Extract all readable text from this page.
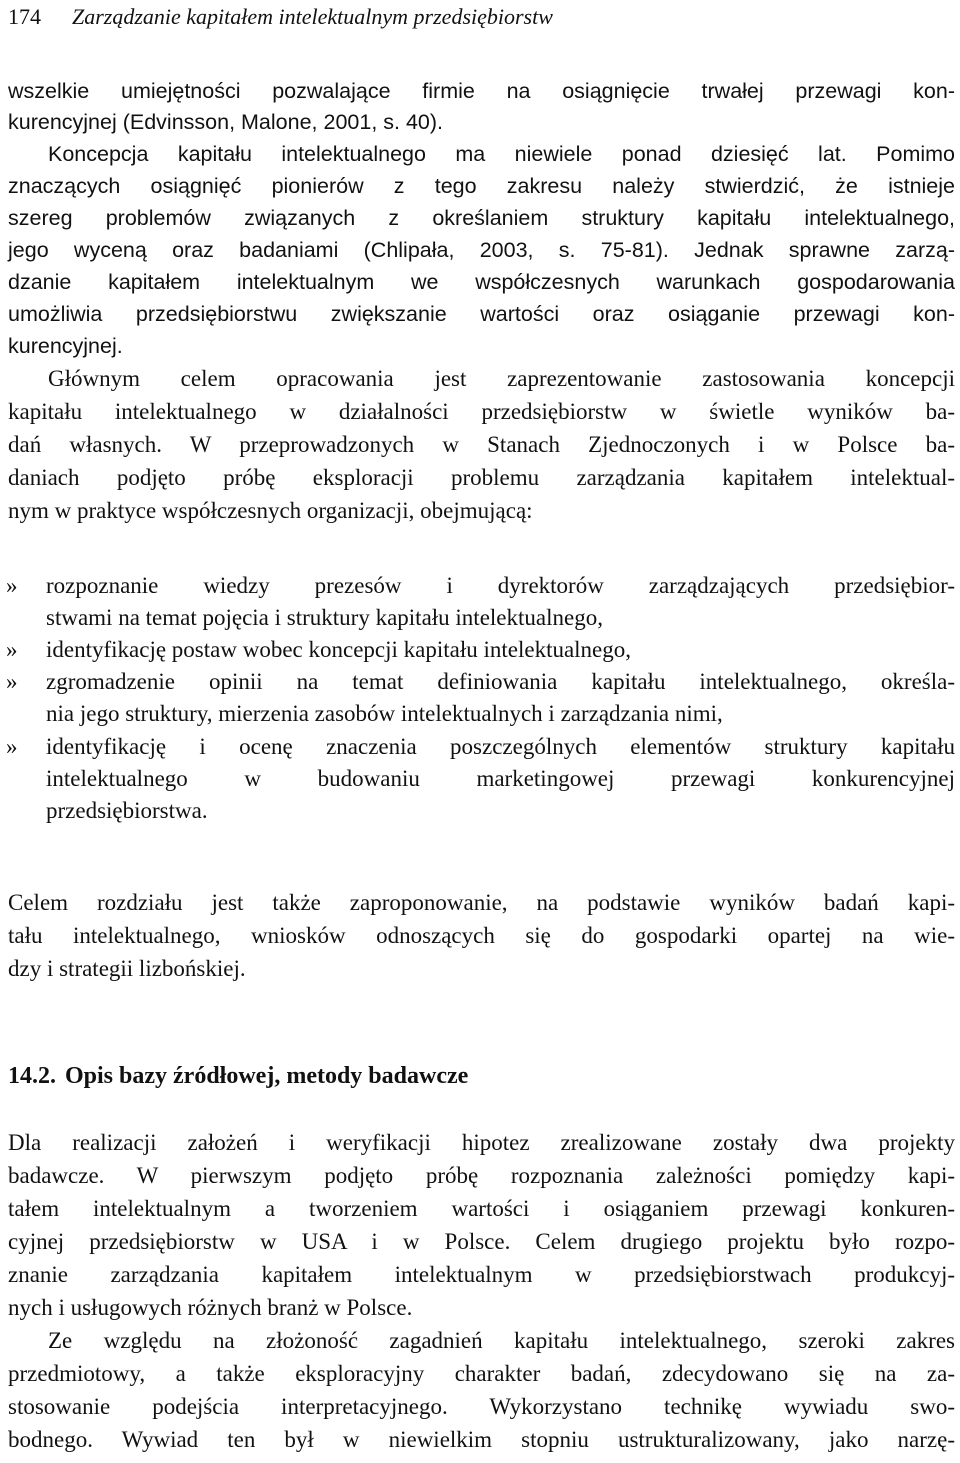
174 Zarządzanie kapitałem intelektualnym przedsiębiorstw
wszelkie umiejętności pozwalające firmie na osiągnięcie trwałej przewagi kon-
kurencyjnej (Edvinsson, Malone, 2001, s. 40).
Koncepcja kapitału intelektualnego ma niewiele ponad dziesięć lat. Pomimo
znaczących osiągnięć pionierów z tego zakresu należy stwierdzić, że istnieje
szereg problemów związanych z określaniem struktury kapitału intelektualnego,
jego wyceną oraz badaniami (Chlipała, 2003, s. 75-81). Jednak sprawne zarzą-
dzanie kapitałem intelektualnym we współczesnych warunkach gospodarowania
umożliwia przedsiębiorstwu zwiększanie wartości oraz osiąganie przewagi kon-
kurencyjnej.
Głównym celem opracowania jest zaprezentowanie zastosowania koncepcji
kapitału intelektualnego w działalności przedsiębiorstw w świetle wyników ba-
dań własnych. W przeprowadzonych w Stanach Zjednoczonych i w Polsce ba-
daniach podjęto próbę eksploracji problemu zarządzania kapitałem intelektual-
nym w praktyce współczesnych organizacji, obejmującą:
» rozpoznanie wiedzy prezesów i dyrektorów zarządzających przedsiębior-
stwami na temat pojęcia i struktury kapitału intelektualnego,
» identyfikację postaw wobec koncepcji kapitału intelektualnego,
» zgromadzenie opinii na temat definiowania kapitału intelektualnego, określa-
nia jego struktury, mierzenia zasobów intelektualnych i zarządzania nimi,
» identyfikację i ocenę znaczenia poszczególnych elementów struktury kapitału
intelektualnego w budowaniu marketingowej przewagi konkurencyjnej
przedsiębiorstwa.
Celem rozdziału jest także zaproponowanie, na podstawie wyników badań kapi-
tału intelektualnego, wniosków odnoszących się do gospodarki opartej na wie-
dzy i strategii lizbońskiej.
14.2. Opis bazy źródłowej, metody badawcze
Dla realizacji założeń i weryfikacji hipotez zrealizowane zostały dwa projekty
badawcze. W pierwszym podjęto próbę rozpoznania zależności pomiędzy kapi-
tałem intelektualnym a tworzeniem wartości i osiąganiem przewagi konkuren-
cyjnej przedsiębiorstw w USA i w Polsce. Celem drugiego projektu było rozpo-
znanie zarządzania kapitałem intelektualnym w przedsiębiorstwach produkcyj-
nych i usługowych różnych branż w Polsce.
Ze względu na złożoność zagadnień kapitału intelektualnego, szeroki zakres
przedmiotowy, a także eksploracyjny charakter badań, zdecydowano się na za-
stosowanie podejścia interpretacyjnego. Wykorzystano technikę wywiadu swo-
bodnego. Wywiad ten był w niewielkim stopniu ustrukturalizowany, jako narzę-
